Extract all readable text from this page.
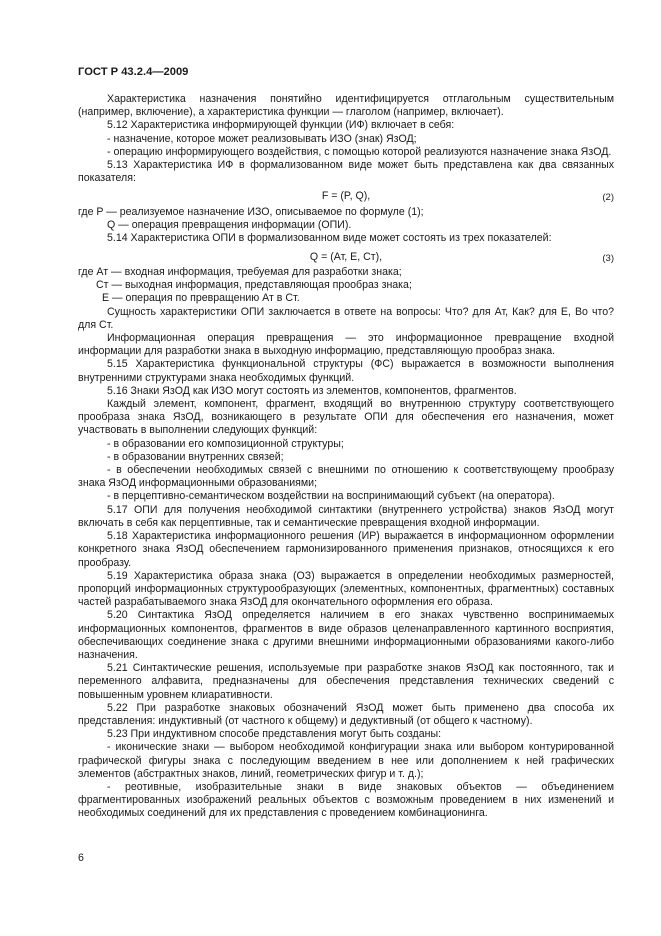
ГОСТ Р 43.2.4—2009

Характеристика назначения понятийно идентифицируется отглагольным существительным (например, включение), а характеристика функции — глаголом (например, включает).

5.12 Характеристика информирующей функции (ИФ) включает в себя:

- назначение, которое может реализовывать ИЗО (знак) ЯзОД;

- операцию информирующего воздействия, с помощью которой реализуются назначение знака ЯзОД.

5.13 Характеристика ИФ в формализованном виде может быть представлена как два связанных показателя:

F = (P, Q),	(2)

где P — реализуемое назначение ИЗО, описываемое по формуле (1);

Q — операция превращения информации (ОПИ).

5.14 Характеристика ОПИ в формализованном виде может состоять из трех показателей:

Q = (Ат, Е, Ст),	(3)

где Ат — входная информация, требуемая для разработки знака;

Ст — выходная информация, представляющая прообраз знака;

Е — операция по превращению Ат в Ст.

Сущность характеристики ОПИ заключается в ответе на вопросы: Что? для Ат, Как? для Е, Во что? для Ст.

Информационная операция превращения — это информационное превращение входной информации для разработки знака в выходную информацию, представляющую прообраз знака.

5.15 Характеристика функциональной структуры (ФС) выражается в возможности выполнения внутренними структурами знака необходимых функций.

5.16 Знаки ЯзОД как ИЗО могут состоять из элементов, компонентов, фрагментов.

Каждый элемент, компонент, фрагмент, входящий во внутреннюю структуру соответствующего прообраза знака ЯзОД, возникающего в результате ОПИ для обеспечения его назначения, может участвовать в выполнении следующих функций:

- в образовании его композиционной структуры;

- в образовании внутренних связей;

- в обеспечении необходимых связей с внешними по отношению к соответствующему прообразу знака ЯзОД информационными образованиями;

- в перцептивно-семантическом воздействии на воспринимающий субъект (на оператора).

5.17 ОПИ для получения необходимой синтактики (внутреннего устройства) знаков ЯзОД могут включать в себя как перцептивные, так и семантические превращения входной информации.

5.18 Характеристика информационного решения (ИР) выражается в информационном оформлении конкретного знака ЯзОД обеспечением гармонизированного применения признаков, относящихся к его прообразу.

5.19 Характеристика образа знака (ОЗ) выражается в определении необходимых размерностей, пропорций информационных структурообразующих (элементных, компонентных, фрагментных) составных частей разрабатываемого знака ЯзОД для окончательного оформления его образа.

5.20 Синтактика ЯзОД определяется наличием в его знаках чувственно воспринимаемых информационных компонентов, фрагментов в виде образов целенаправленного картинного восприятия, обеспечивающих соединение знака с другими внешними информационными образованиями какого-либо назначения.

5.21 Синтактические решения, используемые при разработке знаков ЯзОД как постоянного, так и переменного алфавита, предназначены для обеспечения представления технических сведений с повышенным уровнем клиаративности.

5.22 При разработке знаковых обозначений ЯзОД может быть применено два способа их представления: индуктивный (от частного к общему) и дедуктивный (от общего к частному).

5.23 При индуктивном способе представления могут быть созданы:

- иконические знаки — выбором необходимой конфигурации знака или выбором контурированной графической фигуры знака с последующим введением в нее или дополнением к ней графических элементов (абстрактных знаков, линий, геометрических фигур и т. д.);

- реотивные, изобразительные знаки в виде знаковых объектов — объединением фрагментированных изображений реальных объектов с возможным проведением в них изменений и необходимых соединений для их представления с проведением комбинационинга.

6
